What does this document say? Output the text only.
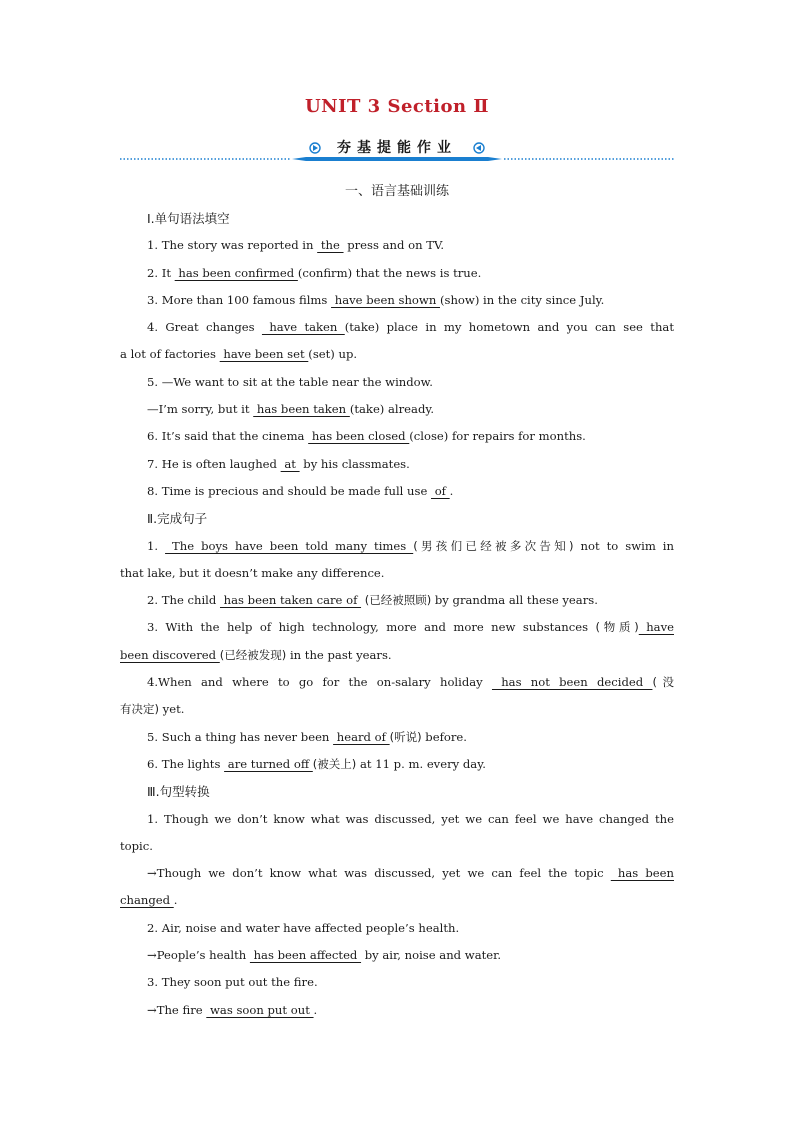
UNIT 3 Section Ⅱ
夯基提能作业
一、语言基础训练

Ⅰ.单句语法填空

1. The story was reported in  the  press and on TV.

2. It  has been confirmed (confirm) that the news is true.

3. More than 100 famous films  have been shown (show) in the city since July.

4. Great changes  have taken (take) place in my hometown and you can see that

a lot of factories  have been set (set) up.

5. —We want to sit at the table near the window.

—I’m sorry, but it  has been taken (take) already.

6. It’s said that the cinema  has been closed (close) for repairs for months.

7. He is often laughed  at  by his classmates.

8. Time is precious and should be made full use  of .

Ⅱ.完成句子

1.  The boys have been told many times (男孩们已经被多次告知) not to swim in

that lake, but it doesn’t make any difference.

2. The child  has been taken care of  (已经被照顾) by grandma all these years.

3. With the help of high technology, more and more new substances (物质) have

been discovered (已经被发现) in the past years.

4.When and where to go for the on-salary holiday  has not been decided (没

有决定) yet.

5. Such a thing has never been  heard of (听说) before.

6. The lights  are turned off (被关上) at 11 p. m. every day.

Ⅲ.句型转换

1. Though we don’t know what was discussed, yet we can feel we have changed the

topic.

→Though we don’t know what was discussed, yet we can feel the topic  has been

changed .

2. Air, noise and water have affected people’s health.

→People’s health  has been affected  by air, noise and water.

3. They soon put out the fire.

→The fire  was soon put out .
